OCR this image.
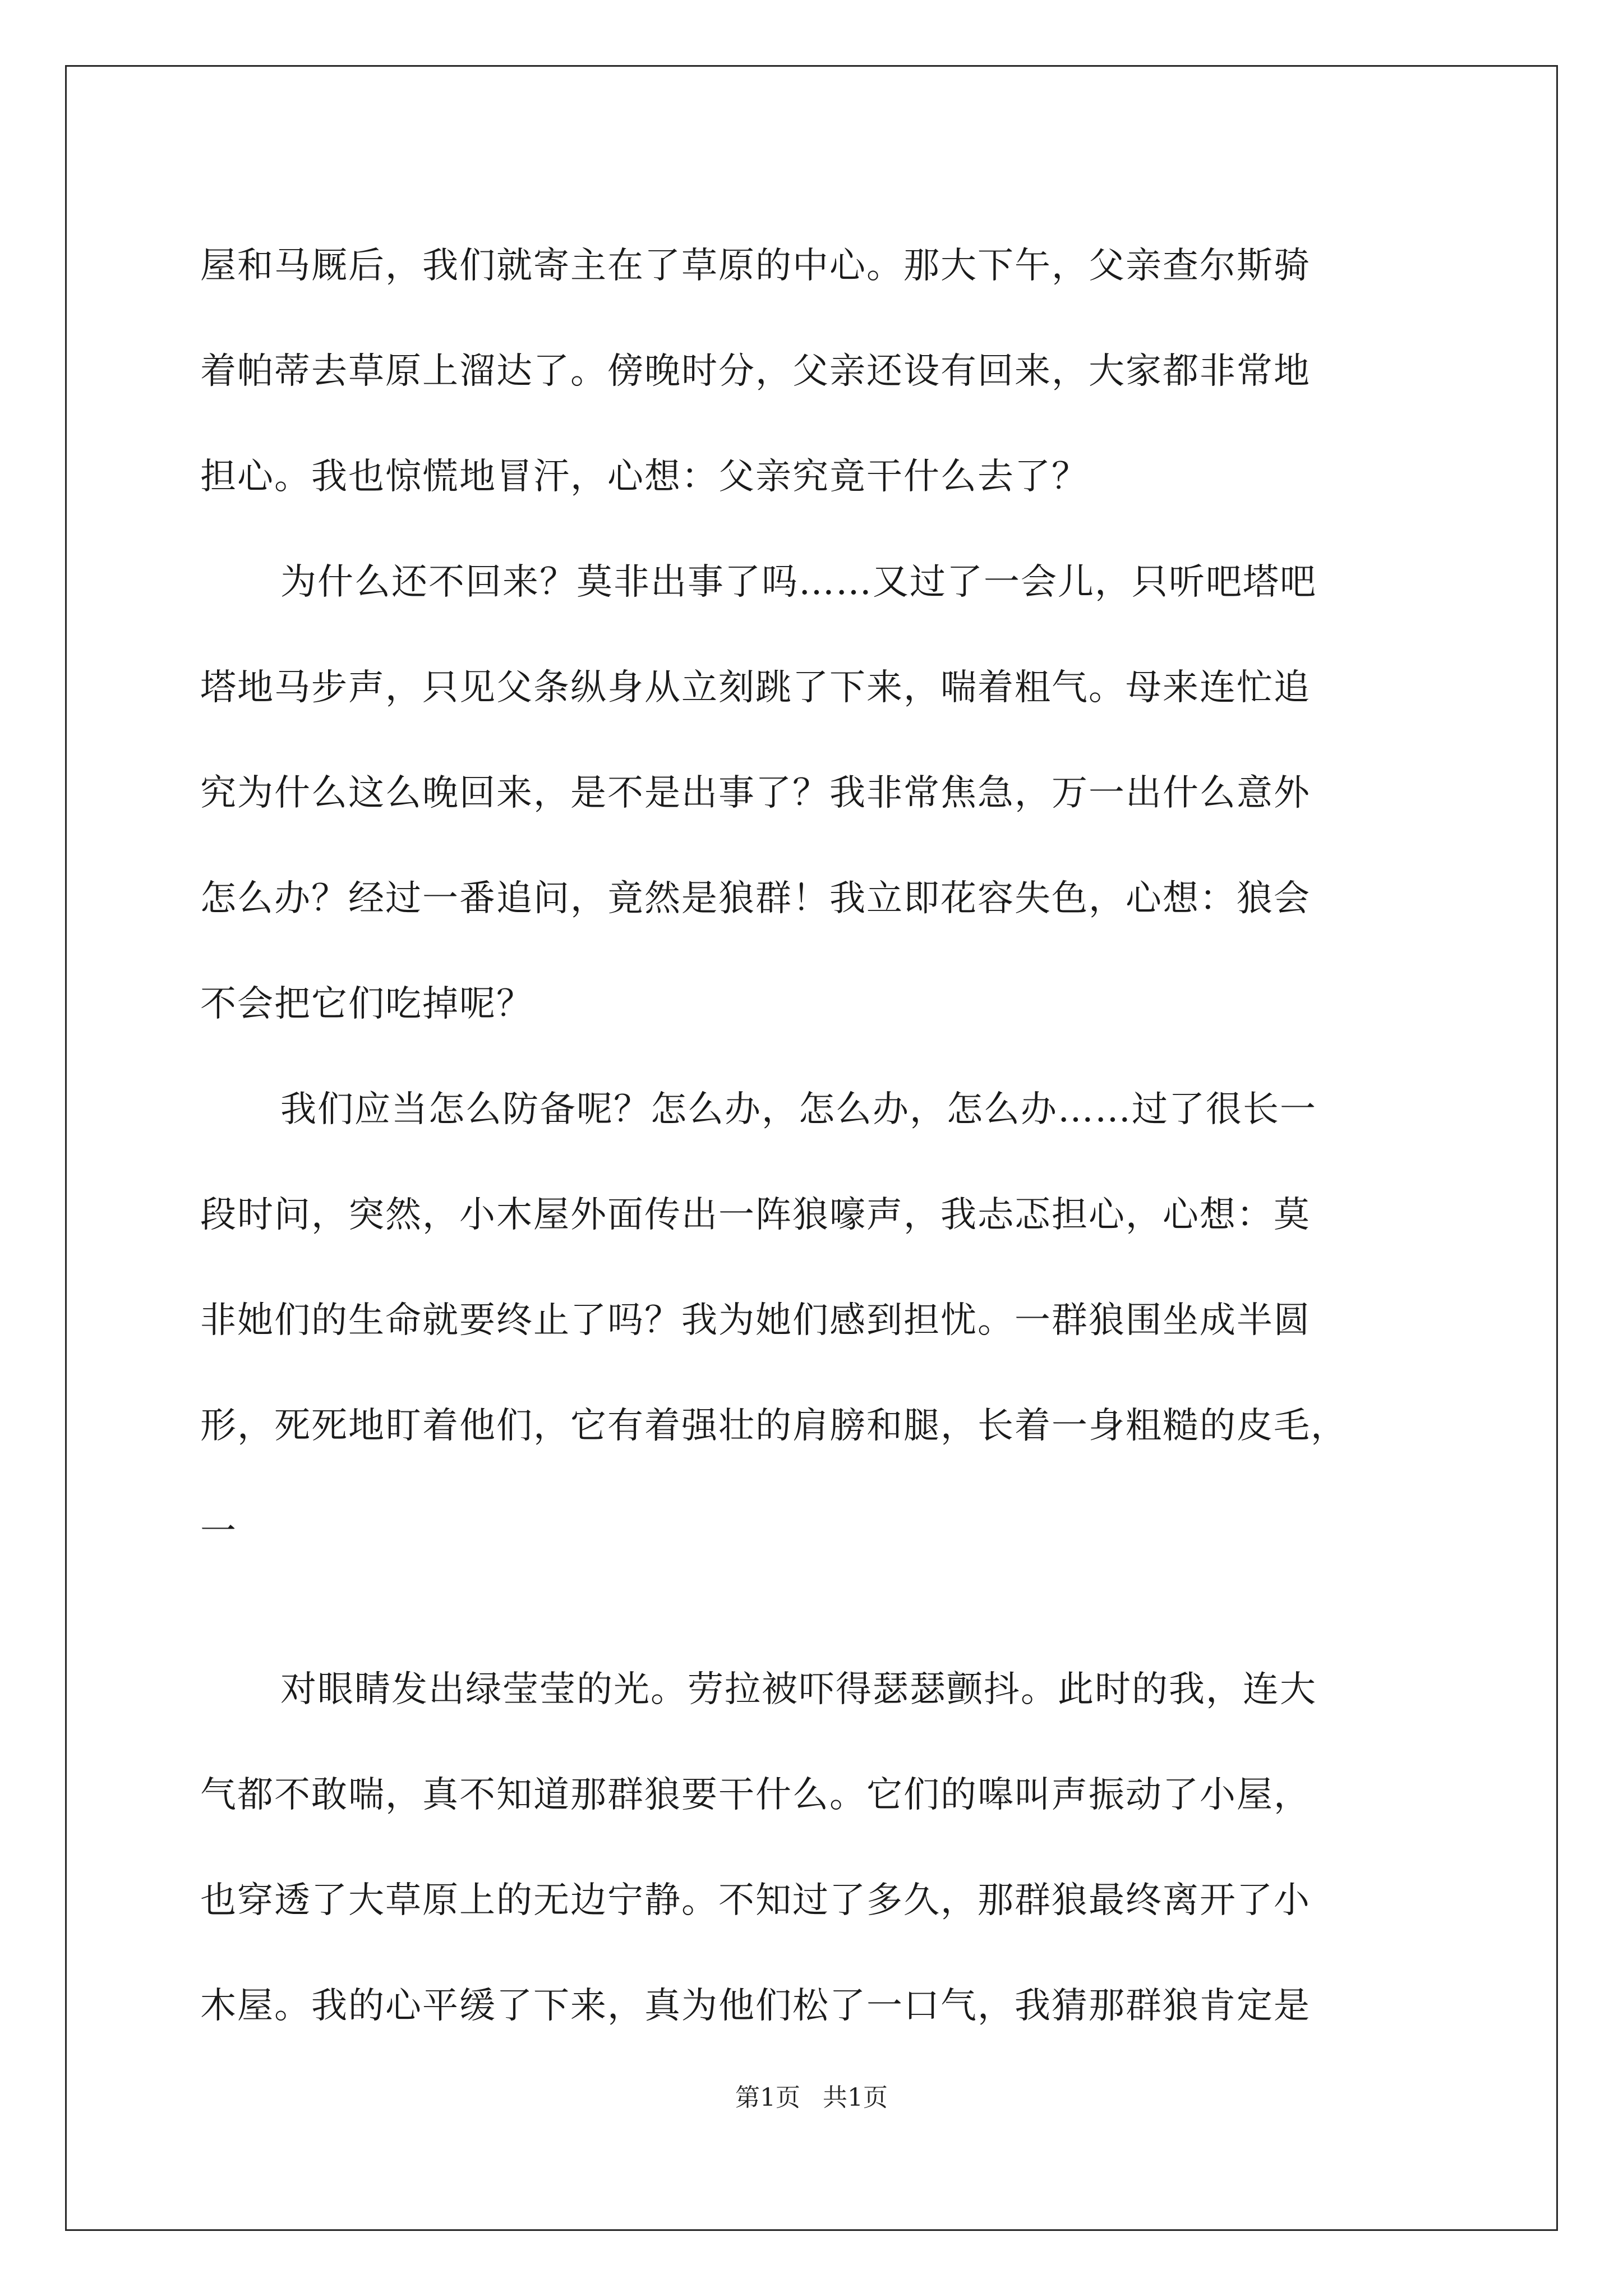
屋和马厩后，我们就寄主在了草原的中心。那大下午，父亲查尔斯骑
着帕蒂去草原上溜达了。傍晚时分，父亲还设有回来，大家都非常地
担心。我也惊慌地冒汗，心想：父亲究竟干什么去了？
为什么还不回来？莫非出事了吗……又过了一会儿，只听吧塔吧
塔地马步声，只见父条纵身从立刻跳了下来，喘着粗气。母来连忙追
究为什么这么晚回来，是不是出事了？我非常焦急，万一出什么意外
怎么办？经过一番追问，竟然是狼群！我立即花容失色，心想：狼会
不会把它们吃掉呢？
我们应当怎么防备呢？怎么办，怎么办，怎么办……过了很长一
段时问，突然，小木屋外面传出一阵狼嚎声，我忐忑担心，心想：莫
非她们的生命就要终止了吗？我为她们感到担忧。一群狼围坐成半圆
形，死死地盯着他们，它有着强壮的肩膀和腿，长着一身粗糙的皮毛，
一
对眼睛发出绿莹莹的光。劳拉被吓得瑟瑟颤抖。此时的我，连大
气都不敢喘，真不知道那群狼要干什么。它们的嗥叫声振动了小屋，
也穿透了大草原上的无边宁静。不知过了多久，那群狼最终离开了小
木屋。我的心平缓了下来，真为他们松了一口气，我猜那群狼肯定是
第1页 共1页
